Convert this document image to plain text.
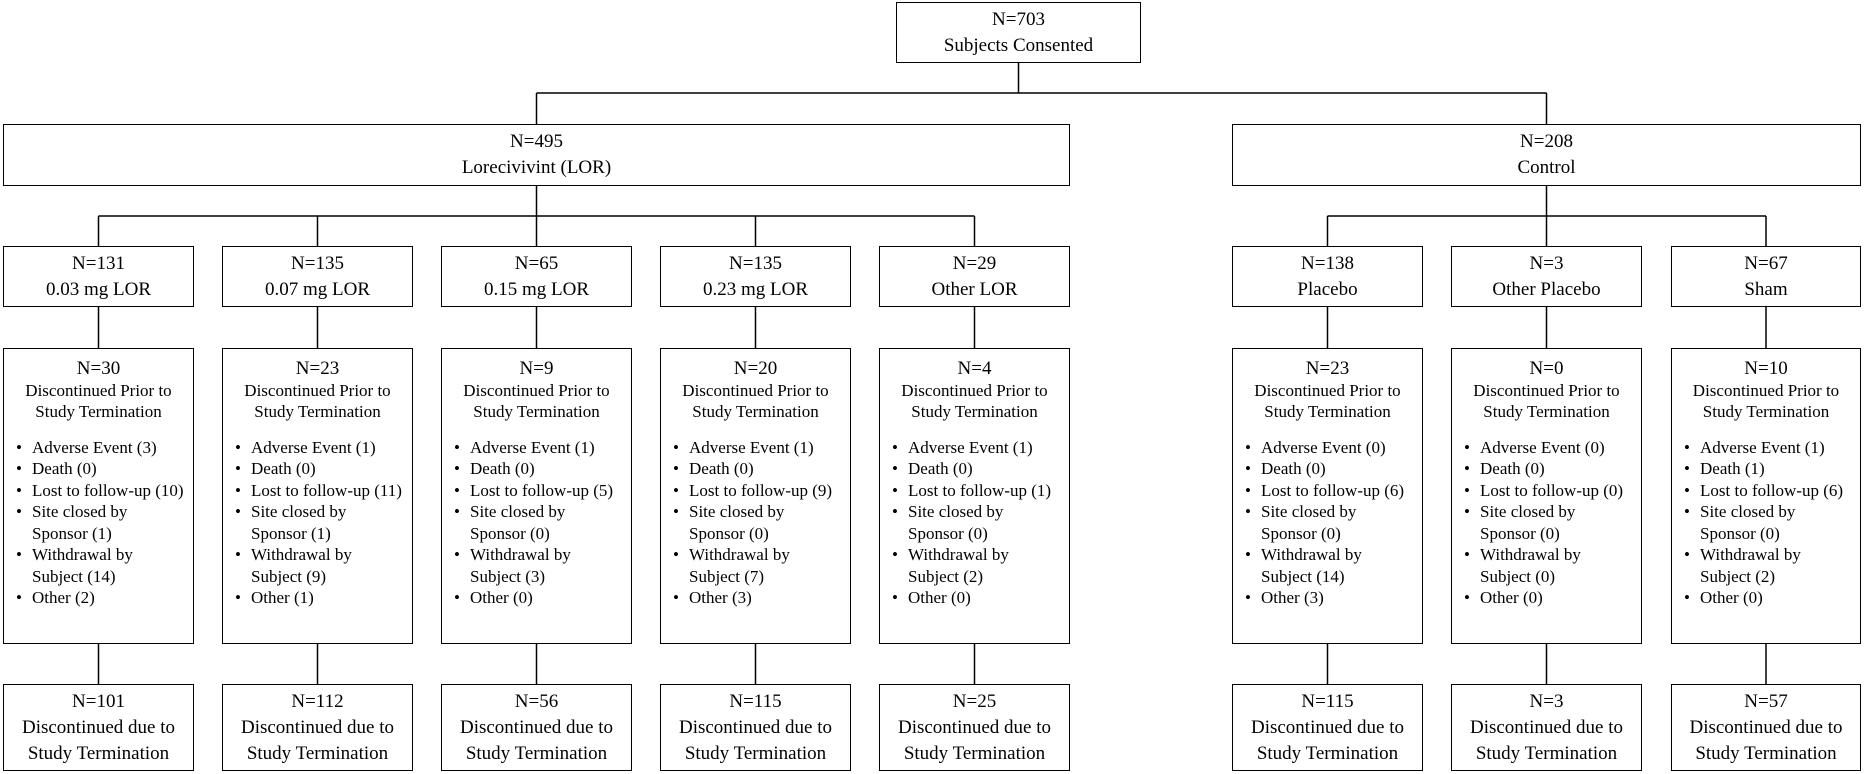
N=703
Subjects Consented
N=495
Lorecivivint (LOR)
N=131
0.03 mg LOR
N=30
Discontinued Prior to
Study Termination
• Adverse Event (3)
• Death (0)
• Lost to follow-up (10)
• Site closed by
Sponsor (1)
• Withdrawal by
Subject (14)
• Other (2)
N=101
Discontinued due to
Study Termination
N=135
0.07 mg LOR
N=23
Discontinued Prior to
Study Termination
• Adverse Event (1)
• Death (0)
• Lost to follow-up (11)
• Site closed by
Sponsor (1)
• Withdrawal by
Subject (9)
• Other (1)
N=112
Discontinued due to
Study Termination
N=65
0.15 mg LOR
N=9
Discontinued Prior to
Study Termination
• Adverse Event (1)
• Death (0)
• Lost to follow-up (5)
• Site closed by
Sponsor (0)
• Withdrawal by
Subject (3)
• Other (0)
N=56
Discontinued due to
Study Termination
N=135
0.23 mg LOR
N=20
Discontinued Prior to
Study Termination
• Adverse Event (1)
• Death (0)
• Lost to follow-up (9)
• Site closed by
Sponsor (0)
• Withdrawal by
Subject (7)
• Other (3)
N=115
Discontinued due to
Study Termination
N=29
Other LOR
N=4
Discontinued Prior to
Study Termination
• Adverse Event (1)
• Death (0)
• Lost to follow-up (1)
• Site closed by
Sponsor (0)
• Withdrawal by
Subject (2)
• Other (0)
N=25
Discontinued due to
Study Termination
N=208
Control
N=138
Placebo
N=23
Discontinued Prior to
Study Termination
• Adverse Event (0)
• Death (0)
• Lost to follow-up (6)
• Site closed by
Sponsor (0)
• Withdrawal by
Subject (14)
• Other (3)
N=115
Discontinued due to
Study Termination
N=3
Other Placebo
N=0
Discontinued Prior to
Study Termination
• Adverse Event (0)
• Death (0)
• Lost to follow-up (0)
• Site closed by
Sponsor (0)
• Withdrawal by
Subject (0)
• Other (0)
N=3
Discontinued due to
Study Termination
N=67
Sham
N=10
Discontinued Prior to
Study Termination
• Adverse Event (1)
• Death (1)
• Lost to follow-up (6)
• Site closed by
Sponsor (0)
• Withdrawal by
Subject (2)
• Other (0)
N=57
Discontinued due to
Study Termination
